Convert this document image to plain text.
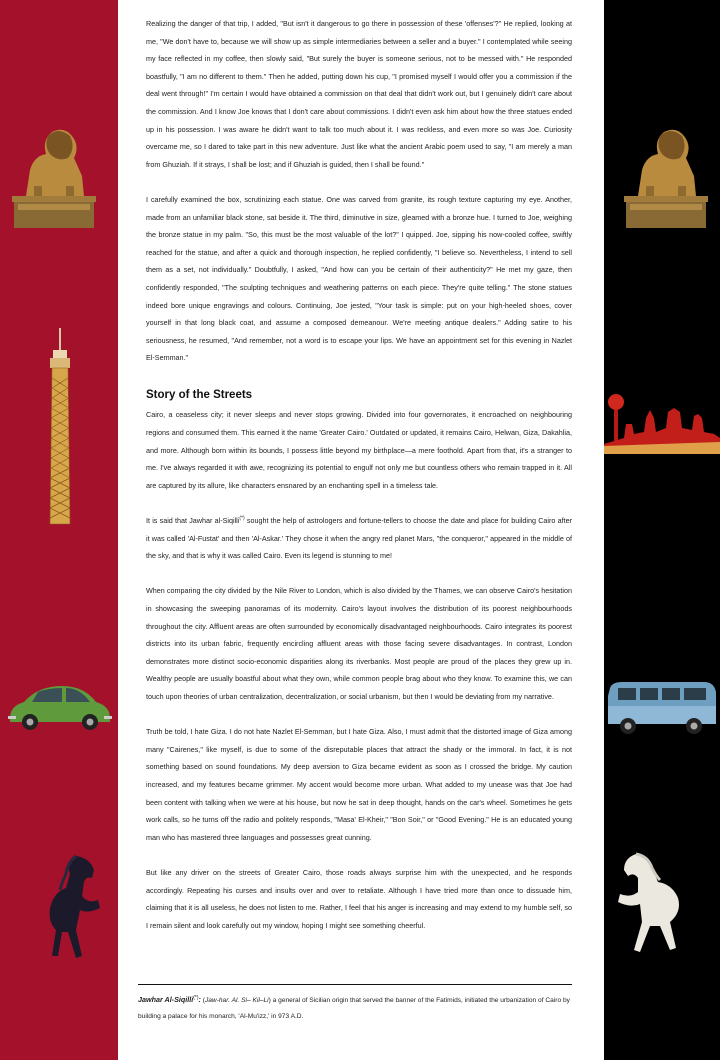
Realizing the danger of that trip, I added, "But isn't it dangerous to go there in possession of these 'offenses'?" He replied, looking at me, "We don't have to, because we will show up as simple intermediaries between a seller and a buyer." I contemplated while seeing my face reflected in my coffee, then slowly said, "But surely the buyer is someone serious, not to be messed with." He responded boastfully, "I am no different to them." Then he added, putting down his cup, "I promised myself I would offer you a commission if the deal went through!" I'm certain I would have obtained a commission on that deal that didn't work out, but I genuinely didn't care about the commission. And I know Joe knows that I don't care about commissions. I didn't even ask him about how the three statues ended up in his possession. I was aware he didn't want to talk too much about it. I was reckless, and even more so was Joe. Curiosity overcame me, so I dared to take part in this new adventure. Just like what the ancient Arabic poem used to say, "I am merely a man from Ghuziah. If it strays, I shall be lost; and if Ghuziah is guided, then I shall be found."

I carefully examined the box, scrutinizing each statue. One was carved from granite, its rough texture capturing my eye. Another, made from an unfamiliar black stone, sat beside it. The third, diminutive in size, gleamed with a bronze hue. I turned to Joe, weighing the bronze statue in my palm. "So, this must be the most valuable of the lot?" I quipped. Joe, sipping his now-cooled coffee, swiftly reached for the statue, and after a quick and thorough inspection, he replied confidently, "I believe so. Nevertheless, I intend to sell them as a set, not individually." Doubtfully, I asked, "And how can you be certain of their authenticity?" He met my gaze, then confidently responded, "The sculpting techniques and weathering patterns on each piece. They're quite telling." The stone statues indeed bore unique engravings and colours. Continuing, Joe jested, "Your task is simple: put on your high-heeled shoes, cover yourself in that long black coat, and assume a composed demeanour. We're meeting antique dealers." Adding satire to his seriousness, he resumed, "And remember, not a word is to escape your lips. We have an appointment set for this evening in Nazlet El-Semman."

Story of the Streets

Cairo, a ceaseless city; it never sleeps and never stops growing. Divided into four governorates, it encroached on neighbouring regions and consumed them. This earned it the name 'Greater Cairo.' Outdated or updated, it remains Cairo, Helwan, Giza, Dakahlia, and more. Although born within its bounds, I possess little beyond my birthplace—a mere foothold. Apart from that, it's a stranger to me. I've always regarded it with awe, recognizing its potential to engulf not only me but countless others who remain trapped in it. All are captured by its allure, like characters ensnared by an enchanting spell in a timeless tale.

It is said that Jawhar al-Siqilli(*) sought the help of astrologers and fortune-tellers to choose the date and place for building Cairo after it was called 'Al-Fustat' and then 'Al-Askar.' They chose it when the angry red planet Mars, "the conqueror," appeared in the middle of the sky, and that is why it was called Cairo. Even its legend is stunning to me!

When comparing the city divided by the Nile River to London, which is also divided by the Thames, we can observe Cairo's hesitation in showcasing the sweeping panoramas of its modernity. Cairo's layout involves the distribution of its poorest neighbourhoods throughout the city. Affluent areas are often surrounded by economically disadvantaged neighbourhoods. Cairo integrates its poorest districts into its urban fabric, frequently encircling affluent areas with those facing severe disadvantages. In contrast, London demonstrates more distinct socio-economic disparities along its riverbanks. Most people are proud of the places they grew up in. Wealthy people are usually boastful about what they own, while common people brag about who they know. To examine this, we can touch upon theories of urban centralization, decentralization, or social urbanism, but then I would be deviating from my narrative.

Truth be told, I hate Giza. I do not hate Nazlet El-Semman, but I hate Giza. Also, I must admit that the distorted image of Giza among many "Cairenes," like myself, is due to some of the disreputable places that attract the shady or the immoral. In fact, it is not something based on sound foundations. My deep aversion to Giza became evident as soon as I crossed the bridge. My caution increased, and my features became grimmer. My accent would become more urban. What added to my unease was that Joe had been content with talking when we were at his house, but now he sat in deep thought, hands on the car's wheel. Sometimes he gets work calls, so he turns off the radio and politely responds, "Masa' El-Kheir," "Bon Soir," or "Good Evening." He is an educated young man who has mastered three languages and possesses great cunning.

But like any driver on the streets of Greater Cairo, those roads always surprise him with the unexpected, and he responds accordingly. Repeating his curses and insults over and over to retaliate. Although I have tried more than once to dissuade him, claiming that it is all useless, he does not listen to me. Rather, I feel that his anger is increasing and may extend to my humble self, so I remain silent and look carefully out my window, hoping I might see something cheerful.

Jawhar Al-Siqilli(*): (Jaw-har. Al. Si– Kil–Li) a general of Sicilian origin that served the banner of the Fatimids, initiated the urbanization of Cairo by building a palace for his monarch, 'Al-Mu'izz,' in 973 A.D.
